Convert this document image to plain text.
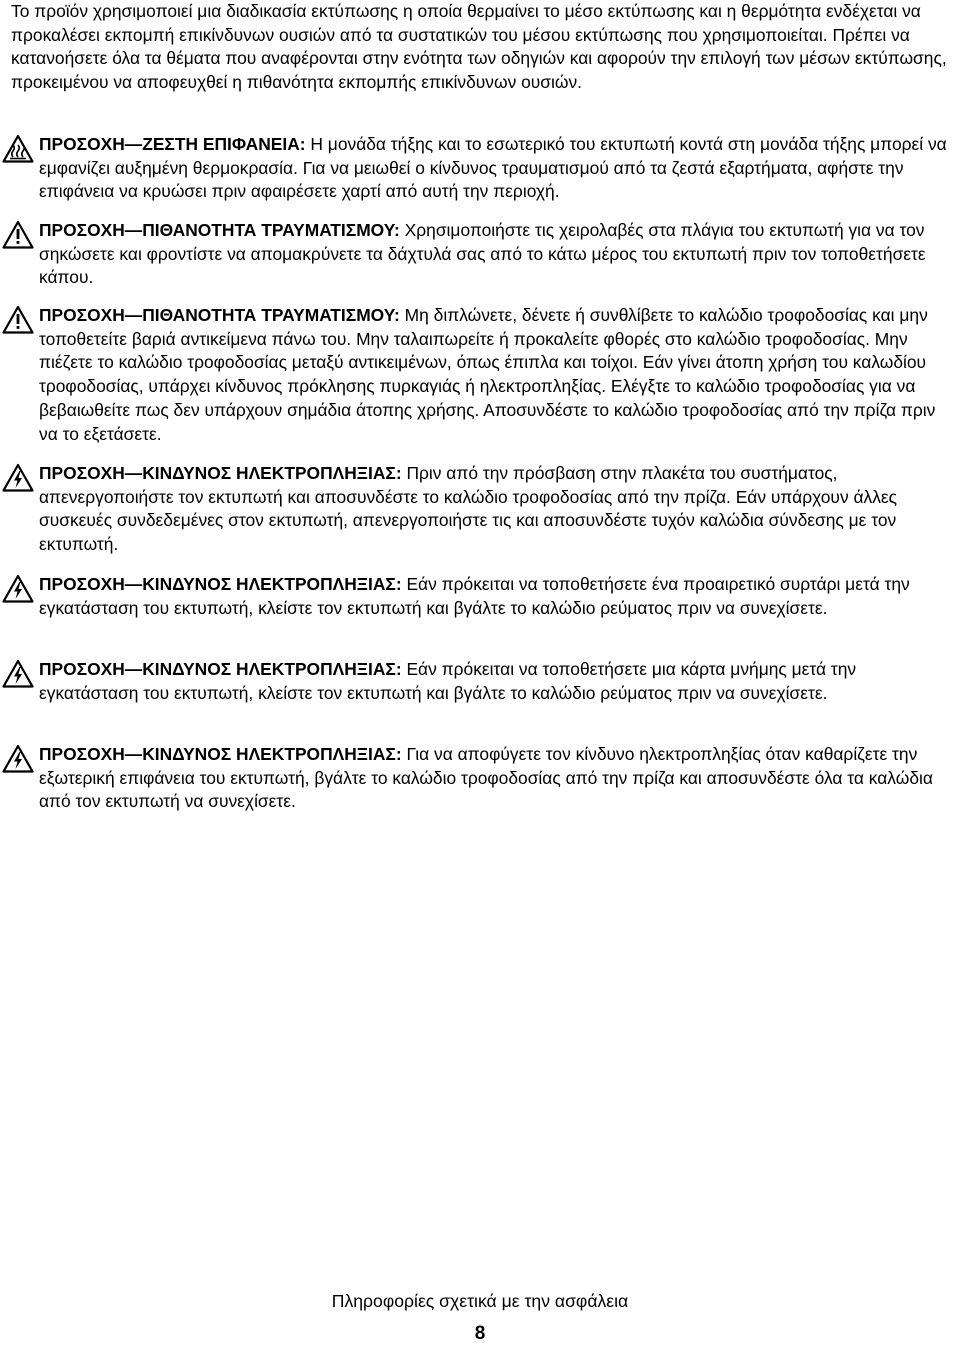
Το προϊόν χρησιμοποιεί μια διαδικασία εκτύπωσης η οποία θερμαίνει το μέσο εκτύπωσης και η θερμότητα ενδέχεται να προκαλέσει εκπομπή επικίνδυνων ουσιών από τα συστατικών του μέσου εκτύπωσης που χρησιμοποιείται. Πρέπει να κατανοήσετε όλα τα θέματα που αναφέρονται στην ενότητα των οδηγιών και αφορούν την επιλογή των μέσων εκτύπωσης, προκειμένου να αποφευχθεί η πιθανότητα εκπομπής επικίνδυνων ουσιών.

ΠΡΟΣΟΧΗ—ΖΕΣΤΗ ΕΠΙΦΑΝΕΙΑ: Η μονάδα τήξης και το εσωτερικό του εκτυπωτή κοντά στη μονάδα τήξης μπορεί να εμφανίζει αυξημένη θερμοκρασία. Για να μειωθεί ο κίνδυνος τραυματισμού από τα ζεστά εξαρτήματα, αφήστε την επιφάνεια να κρυώσει πριν αφαιρέσετε χαρτί από αυτή την περιοχή.

ΠΡΟΣΟΧΗ—ΠΙΘΑΝΟΤΗΤΑ ΤΡΑΥΜΑΤΙΣΜΟΥ: Χρησιμοποιήστε τις χειρολαβές στα πλάγια του εκτυπωτή για να τον σηκώσετε και φροντίστε να απομακρύνετε τα δάχτυλά σας από το κάτω μέρος του εκτυπωτή πριν τον τοποθετήσετε κάπου.

ΠΡΟΣΟΧΗ—ΠΙΘΑΝΟΤΗΤΑ ΤΡΑΥΜΑΤΙΣΜΟΥ: Μη διπλώνετε, δένετε ή συνθλίβετε το καλώδιο τροφοδοσίας και μην τοποθετείτε βαριά αντικείμενα πάνω του. Μην ταλαιπωρείτε ή προκαλείτε φθορές στο καλώδιο τροφοδοσίας. Μην πιέζετε το καλώδιο τροφοδοσίας μεταξύ αντικειμένων, όπως έπιπλα και τοίχοι. Εάν γίνει άτοπη χρήση του καλωδίου τροφοδοσίας, υπάρχει κίνδυνος πρόκλησης πυρκαγιάς ή ηλεκτροπληξίας. Ελέγξτε το καλώδιο τροφοδοσίας για να βεβαιωθείτε πως δεν υπάρχουν σημάδια άτοπης χρήσης. Αποσυνδέστε το καλώδιο τροφοδοσίας από την πρίζα πριν να το εξετάσετε.

ΠΡΟΣΟΧΗ—ΚΙΝΔΥΝΟΣ ΗΛΕΚΤΡΟΠΛΗΞΙΑΣ: Πριν από την πρόσβαση στην πλακέτα του συστήματος, απενεργοποιήστε τον εκτυπωτή και αποσυνδέστε το καλώδιο τροφοδοσίας από την πρίζα. Εάν υπάρχουν άλλες συσκευές συνδεδεμένες στον εκτυπωτή, απενεργοποιήστε τις και αποσυνδέστε τυχόν καλώδια σύνδεσης με τον εκτυπωτή.

ΠΡΟΣΟΧΗ—ΚΙΝΔΥΝΟΣ ΗΛΕΚΤΡΟΠΛΗΞΙΑΣ: Εάν πρόκειται να τοποθετήσετε ένα προαιρετικό συρτάρι μετά την εγκατάσταση του εκτυπωτή, κλείστε τον εκτυπωτή και βγάλτε το καλώδιο ρεύματος πριν να συνεχίσετε.

ΠΡΟΣΟΧΗ—ΚΙΝΔΥΝΟΣ ΗΛΕΚΤΡΟΠΛΗΞΙΑΣ: Εάν πρόκειται να τοποθετήσετε μια κάρτα μνήμης μετά την εγκατάσταση του εκτυπωτή, κλείστε τον εκτυπωτή και βγάλτε το καλώδιο ρεύματος πριν να συνεχίσετε.

ΠΡΟΣΟΧΗ—ΚΙΝΔΥΝΟΣ ΗΛΕΚΤΡΟΠΛΗΞΙΑΣ: Για να αποφύγετε τον κίνδυνο ηλεκτροπληξίας όταν καθαρίζετε την εξωτερική επιφάνεια του εκτυπωτή, βγάλτε το καλώδιο τροφοδοσίας από την πρίζα και αποσυνδέστε όλα τα καλώδια από τον εκτυπωτή να συνεχίσετε.

Πληροφορίες σχετικά με την ασφάλεια
8
